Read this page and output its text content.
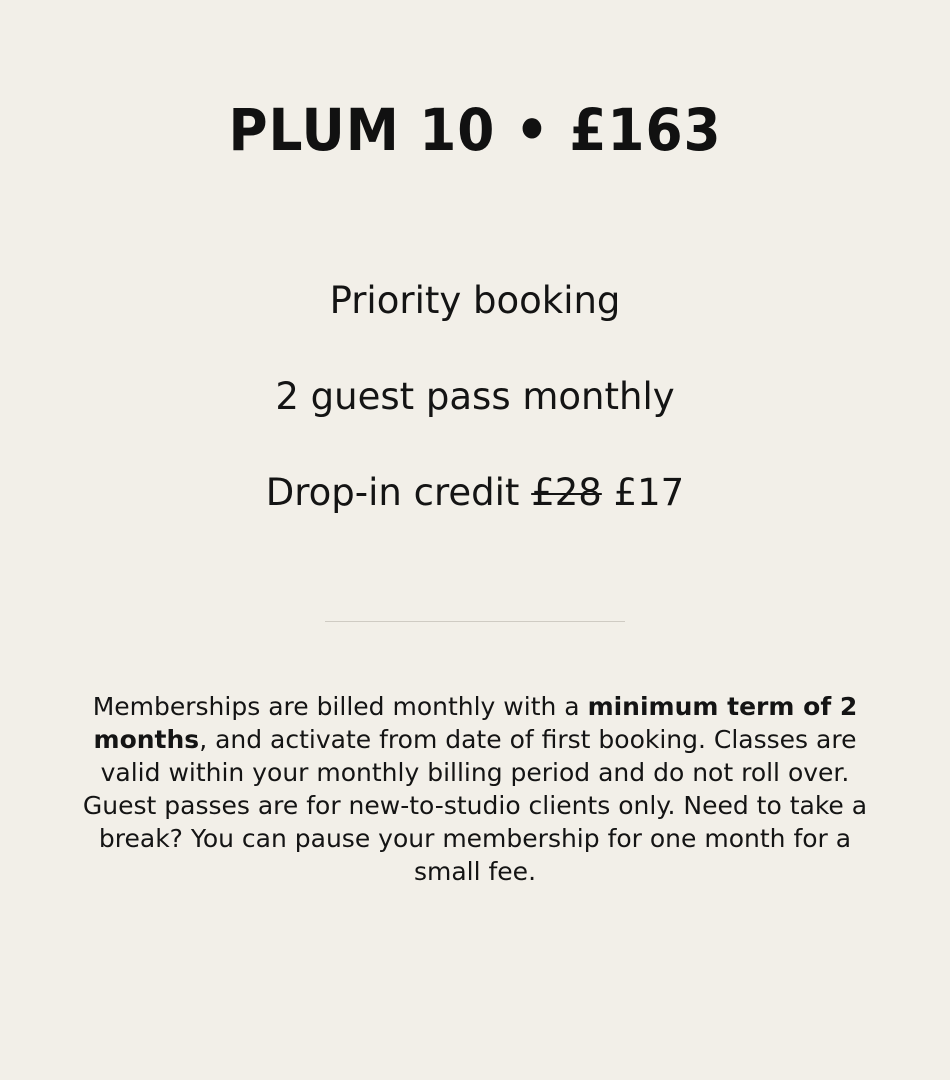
PLUM 10 • £163
Priority booking
2 guest pass monthly
Drop-in credit £28 £17

Memberships are billed monthly with a minimum term of 2 months, and activate from date of first booking. Classes are valid within your monthly billing period and do not roll over. Guest passes are for new-to-studio clients only. Need to take a break? You can pause your membership for one month for a small fee.
